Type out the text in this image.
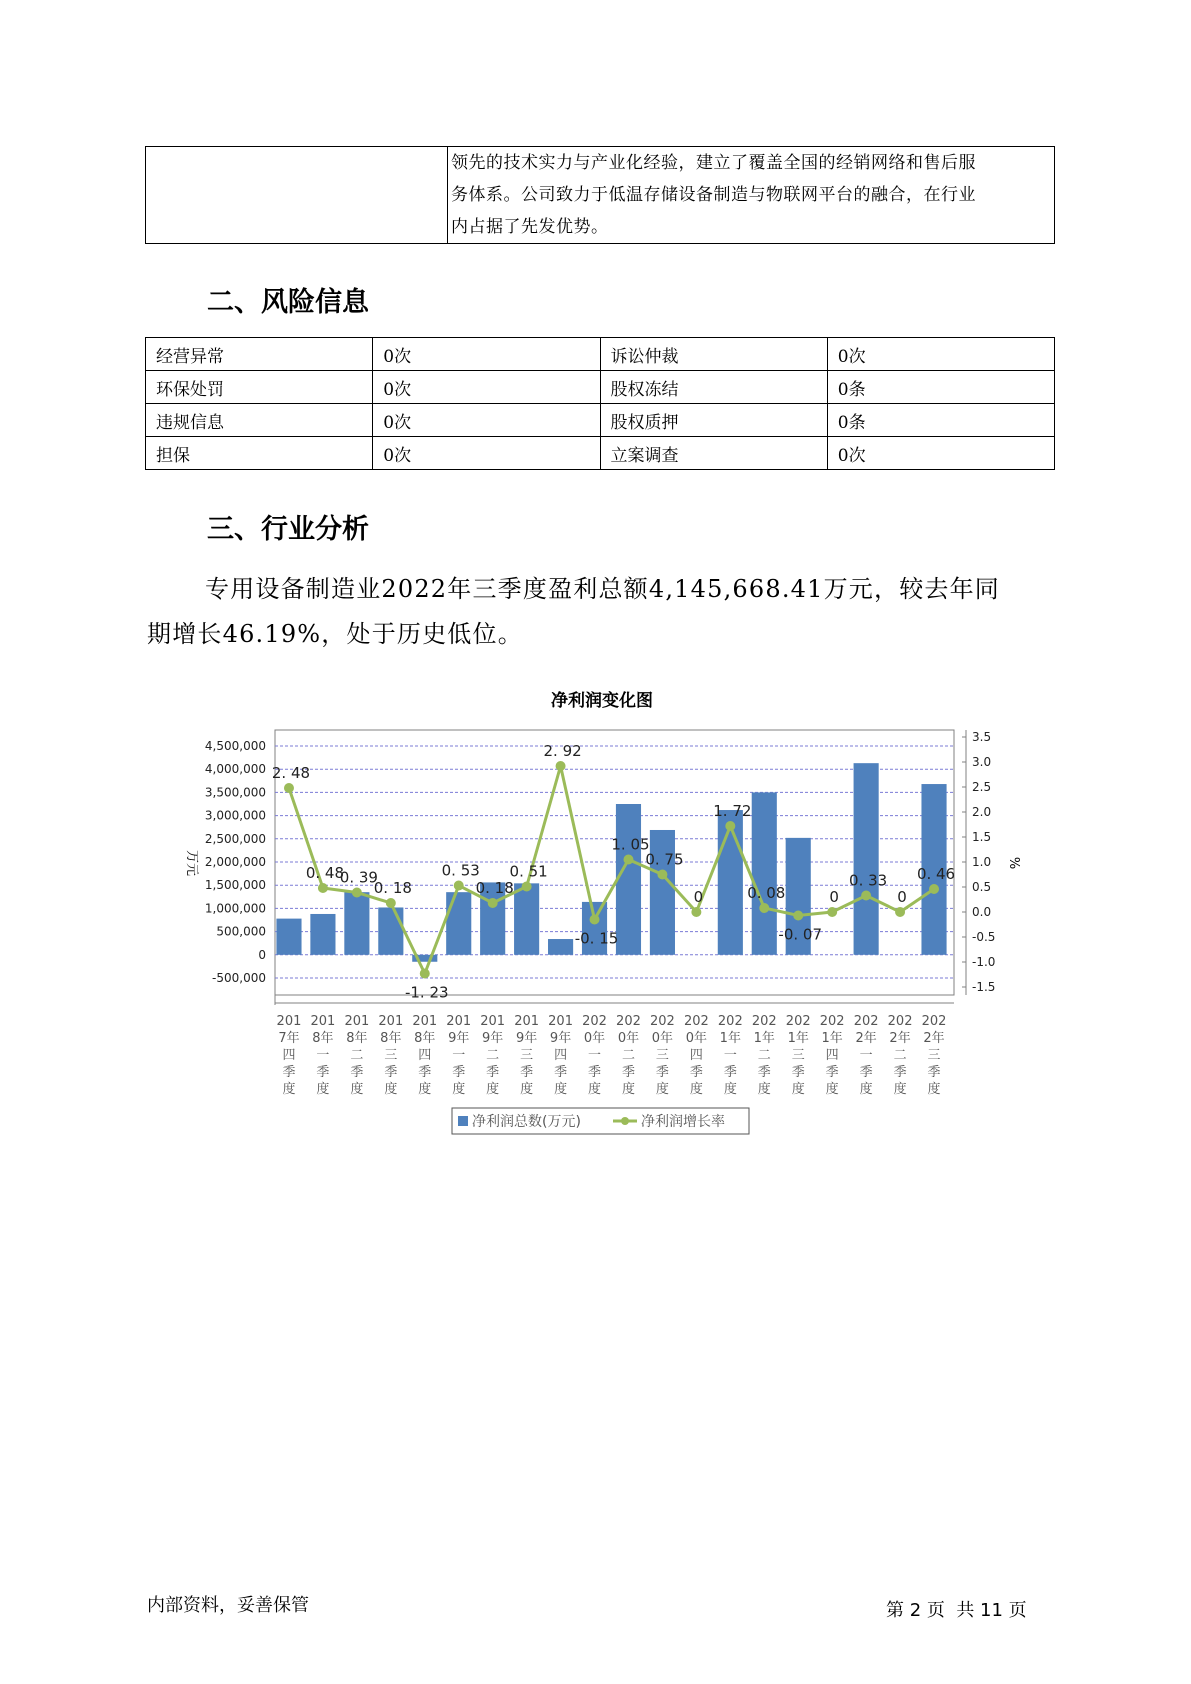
领先的技术实力与产业化经验，建立了覆盖全国的经销网络和售后服
务体系。公司致力于低温存储设备制造与物联网平台的融合，在行业
内占据了先发优势。
二、风险信息
经营异常	0次	诉讼仲裁	0次
环保处罚	0次	股权冻结	0条
违规信息	0次	股权质押	0条
担保	0次	立案调查	0次
三、行业分析
专用设备制造业2022年三季度盈利总额4,145,668.41万元，较去年同
期增长46.19%，处于历史低位。
净利润变化图
2. 48
0. 48
0. 39
0. 18
-1. 23
0. 53
0. 18
0. 51
2. 92
-0. 15
1. 05
0. 75
0
1. 72
0. 08
-0. 07
0
0. 33
0
0. 46
-500,000
0
500,000
1,000,000
1,500,000
2,000,000
2,500,000
3,000,000
3,500,000
4,000,000
4,500,000
-1.5
-1.0
-0.5
0.0
0.5
1.0
1.5
2.0
2.5
3.0
3.5
201
7年
四
季
度
201
8年
一
季
度
201
8年
二
季
度
201
8年
三
季
度
201
8年
四
季
度
201
9年
一
季
度
201
9年
二
季
度
201
9年
三
季
度
201
9年
四
季
度
202
0年
一
季
度
202
0年
二
季
度
202
0年
三
季
度
202
0年
四
季
度
202
1年
一
季
度
202
1年
二
季
度
202
1年
三
季
度
202
1年
四
季
度
202
2年
一
季
度
202
2年
二
季
度
202
2年
三
季
度
万元	%
净利润总数(万元)	净利润增长率
内部资料，妥善保管	第 2 页  共 11 页
